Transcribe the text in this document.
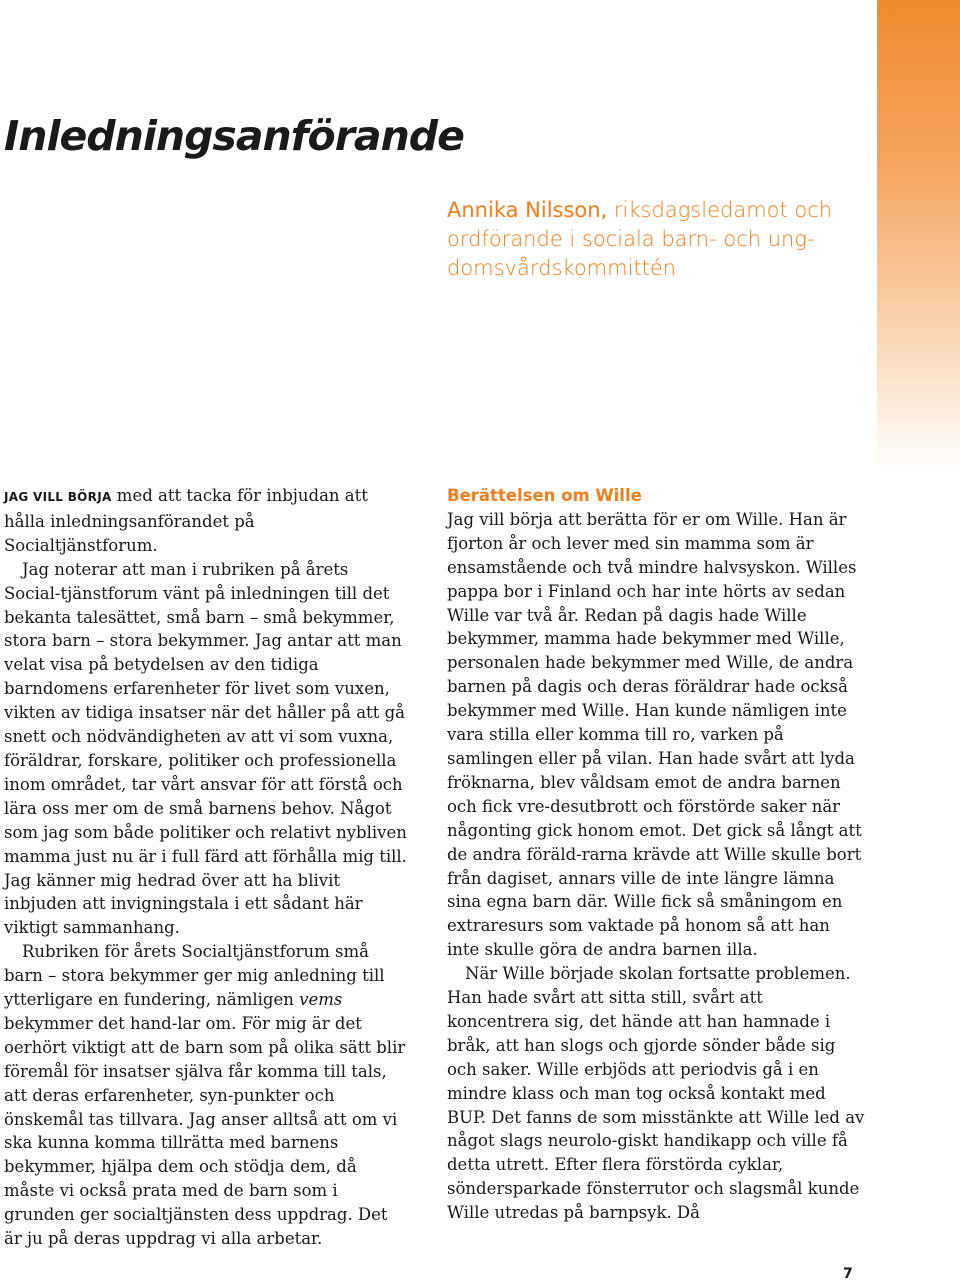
Inledningsanförande

Annika Nilsson, riksdagsledamot och
ordförande i sociala barn- och ung-
domsvårdskommittén

JAG VILL BÖRJA med att tacka för inbjudan att hålla inledningsanförandet på Socialtjänstforum.

Jag noterar att man i rubriken på årets Social-tjänstforum vänt på inledningen till det bekanta talesättet, små barn – små bekymmer, stora barn – stora bekymmer. Jag antar att man velat visa på betydelsen av den tidiga barndomens erfarenheter för livet som vuxen, vikten av tidiga insatser när det håller på att gå snett och nödvändigheten av att vi som vuxna, föräldrar, forskare, politiker och professionella inom området, tar vårt ansvar för att förstå och lära oss mer om de små barnens behov. Något som jag som både politiker och relativt nybliven mamma just nu är i full färd att förhålla mig till. Jag känner mig hedrad över att ha blivit inbjuden att invigningstala i ett sådant här viktigt sammanhang.

Rubriken för årets Socialtjänstforum små barn – stora bekymmer ger mig anledning till ytterligare en fundering, nämligen vems bekymmer det hand-lar om. För mig är det oerhört viktigt att de barn som på olika sätt blir föremål för insatser själva får komma till tals, att deras erfarenheter, syn-punkter och önskemål tas tillvara. Jag anser alltså att om vi ska kunna komma tillrätta med barnens bekymmer, hjälpa dem och stödja dem, då måste vi också prata med de barn som i grunden ger socialtjänsten dess uppdrag. Det är ju på deras uppdrag vi alla arbetar.

Berättelsen om Wille

Jag vill börja att berätta för er om Wille. Han är fjorton år och lever med sin mamma som är ensamstående och två mindre halvsyskon. Willes pappa bor i Finland och har inte hörts av sedan Wille var två år. Redan på dagis hade Wille bekymmer, mamma hade bekymmer med Wille, personalen hade bekymmer med Wille, de andra barnen på dagis och deras föräldrar hade också bekymmer med Wille. Han kunde nämligen inte vara stilla eller komma till ro, varken på samlingen eller på vilan. Han hade svårt att lyda fröknarna, blev våldsam emot de andra barnen och fick vre-desutbrott och förstörde saker när någonting gick honom emot. Det gick så långt att de andra föräld-rarna krävde att Wille skulle bort från dagiset, annars ville de inte längre lämna sina egna barn där. Wille fick så småningom en extraresurs som vaktade på honom så att han inte skulle göra de andra barnen illa.

När Wille började skolan fortsatte problemen. Han hade svårt att sitta still, svårt att koncentrera sig, det hände att han hamnade i bråk, att han slogs och gjorde sönder både sig och saker. Wille erbjöds att periodvis gå i en mindre klass och man tog också kontakt med BUP. Det fanns de som misstänkte att Wille led av något slags neurolo-giskt handikapp och ville få detta utrett. Efter flera förstörda cyklar, söndersparkade fönsterrutor och slagsmål kunde Wille utredas på barnpsyk. Då

7
